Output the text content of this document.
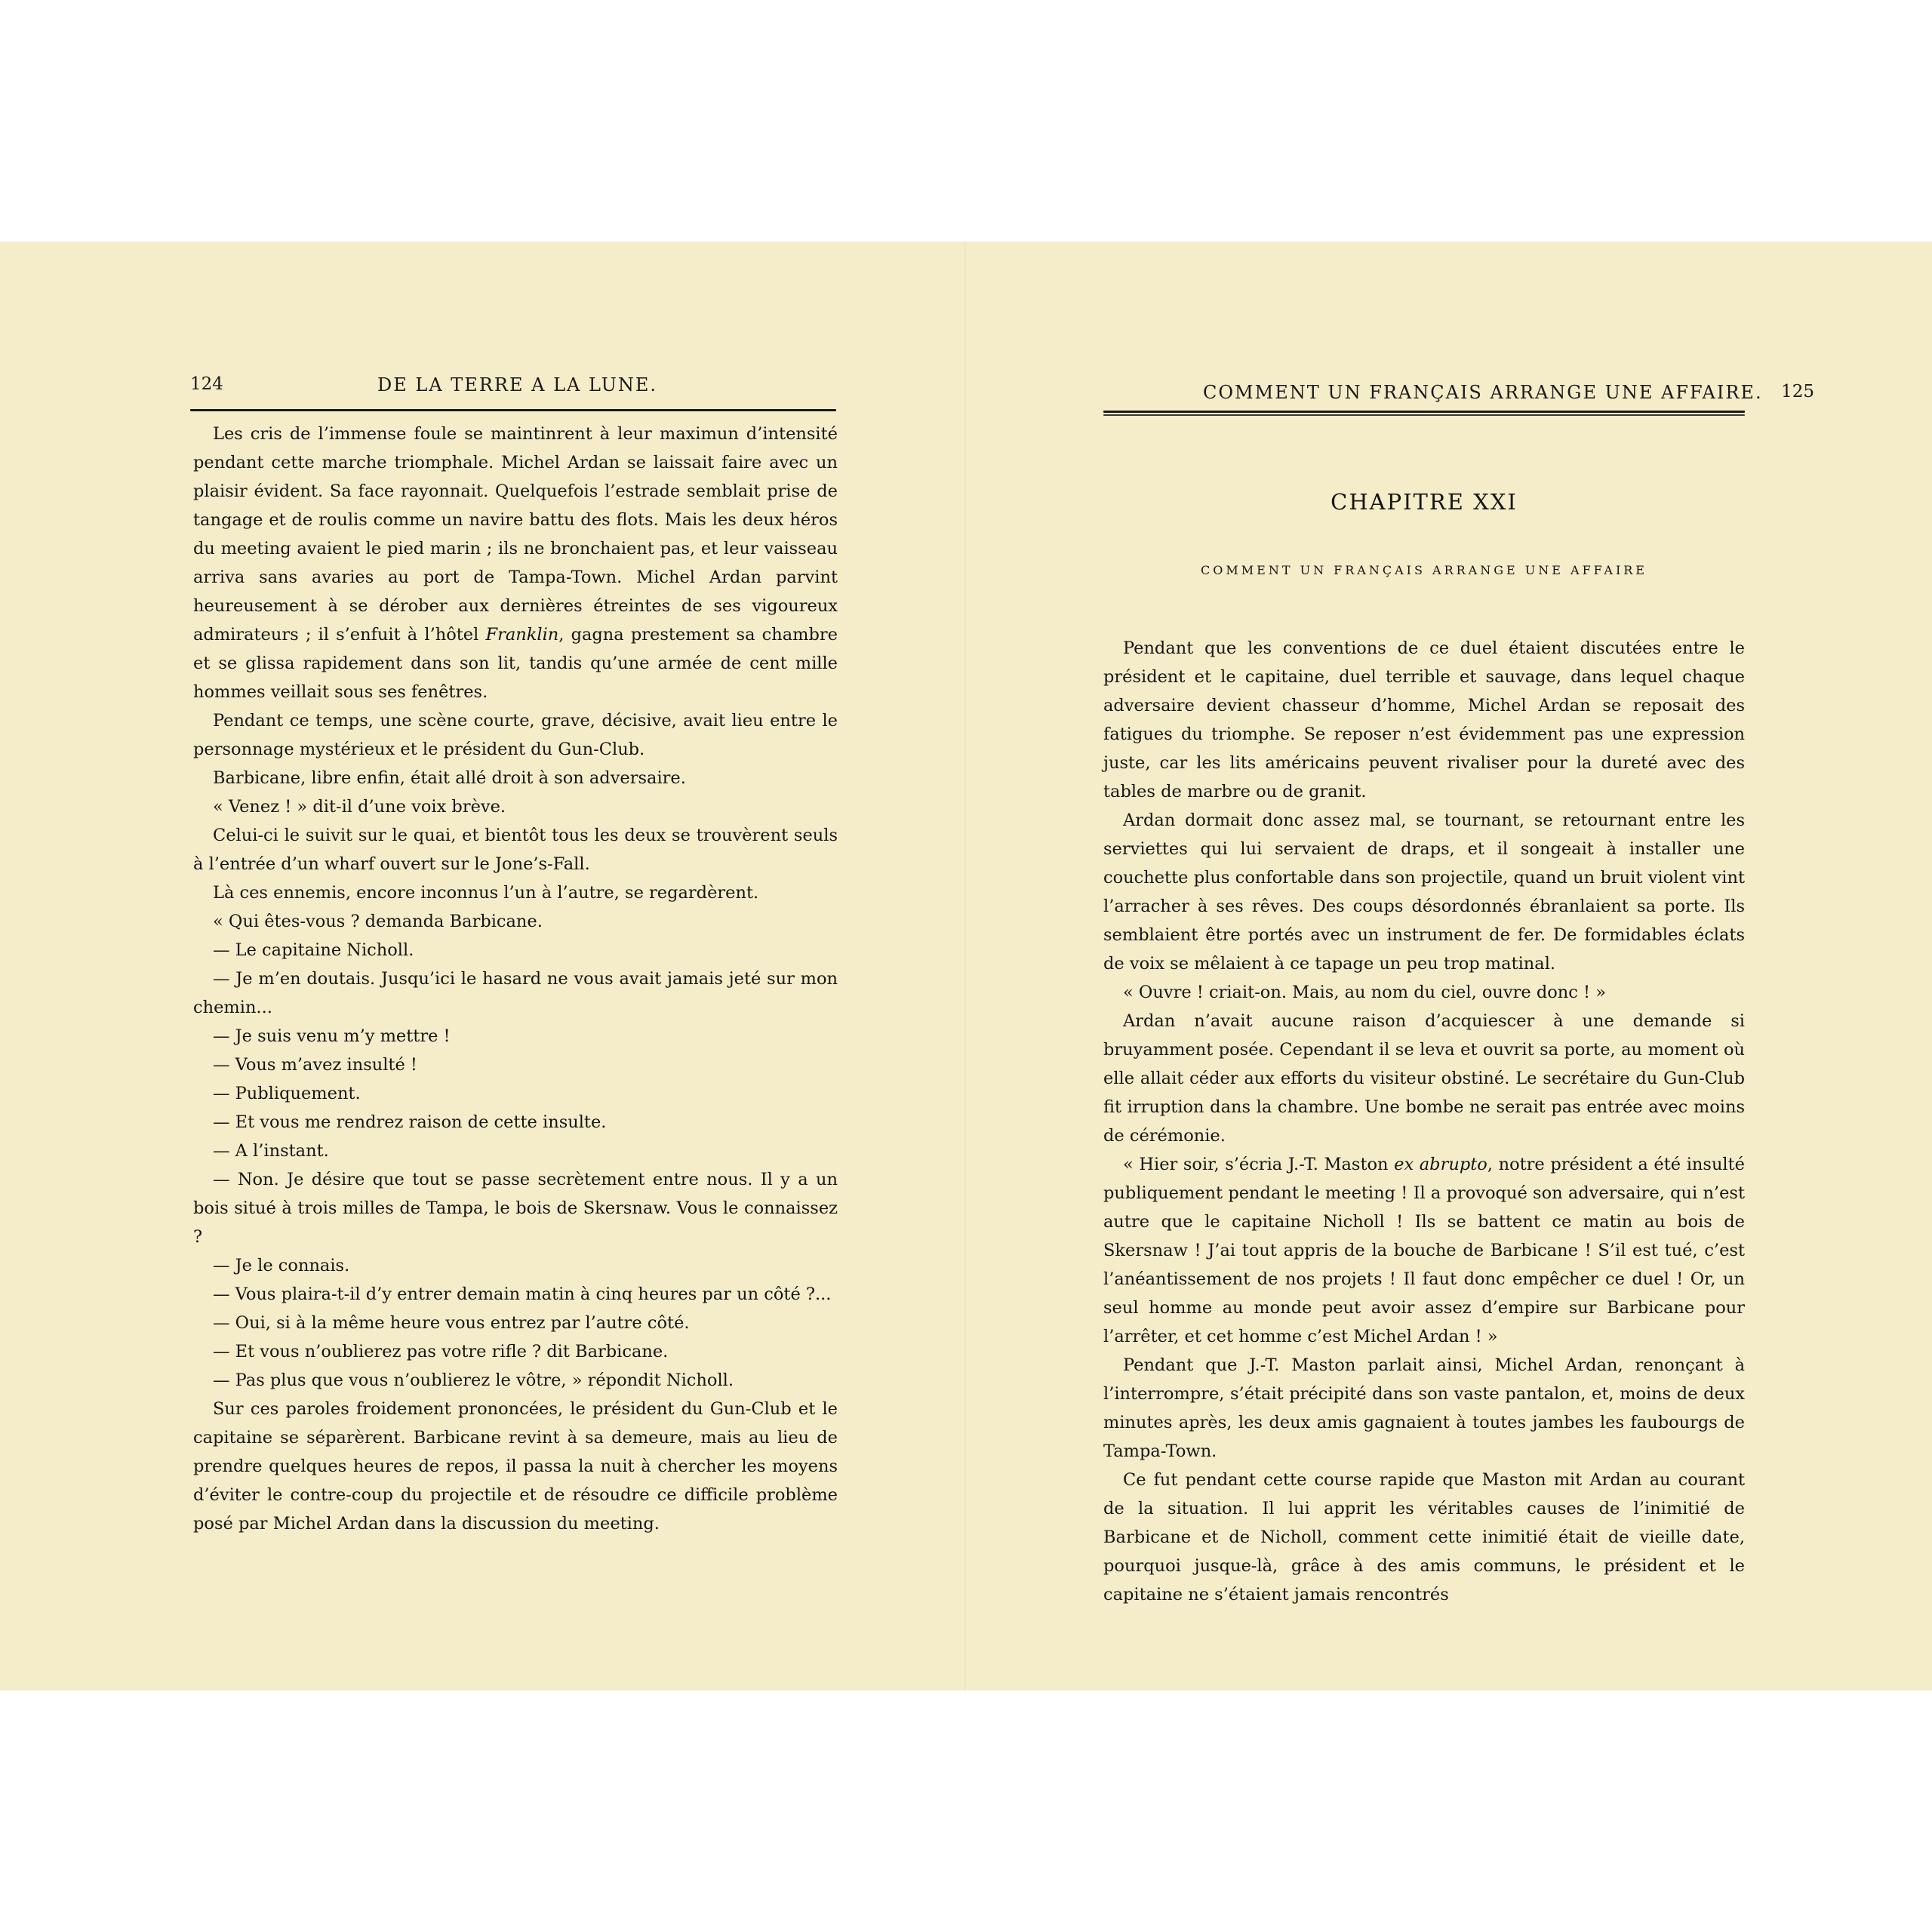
124	DE LA TERRE A LA LUNE.

Les cris de l’immense foule se maintinrent à leur maximun d’intensité pendant cette marche triomphale. Michel Ardan se laissait faire avec un plaisir évident. Sa face rayonnait. Quelquefois l’estrade semblait prise de tangage et de roulis comme un navire battu des flots. Mais les deux héros du meeting avaient le pied marin ; ils ne bronchaient pas, et leur vaisseau arriva sans avaries au port de Tampa-Town. Michel Ardan parvint heureusement à se dérober aux dernières étreintes de ses vigoureux admirateurs ; il s’enfuit à l’hôtel Franklin, gagna prestement sa chambre et se glissa rapidement dans son lit, tandis qu’une armée de cent mille hommes veillait sous ses fenêtres.

Pendant ce temps, une scène courte, grave, décisive, avait lieu entre le personnage mystérieux et le président du Gun-Club.

Barbicane, libre enfin, était allé droit à son adversaire.

« Venez ! » dit-il d’une voix brève.

Celui-ci le suivit sur le quai, et bientôt tous les deux se trouvèrent seuls à l’entrée d’un wharf ouvert sur le Jone’s-Fall.

Là ces ennemis, encore inconnus l’un à l’autre, se regardèrent.

« Qui êtes-vous ? demanda Barbicane.

— Le capitaine Nicholl.

— Je m’en doutais. Jusqu’ici le hasard ne vous avait jamais jeté sur mon chemin...

— Je suis venu m’y mettre !

— Vous m’avez insulté !

— Publiquement.

— Et vous me rendrez raison de cette insulte.

— A l’instant.

— Non. Je désire que tout se passe secrètement entre nous. Il y a un bois situé à trois milles de Tampa, le bois de Skersnaw. Vous le connaissez ?

— Je le connais.

— Vous plaira-t-il d’y entrer demain matin à cinq heures par un côté ?...

— Oui, si à la même heure vous entrez par l’autre côté.

— Et vous n’oublierez pas votre rifle ? dit Barbicane.

— Pas plus que vous n’oublierez le vôtre, » répondit Nicholl.

Sur ces paroles froidement prononcées, le président du Gun-Club et le capitaine se séparèrent. Barbicane revint à sa demeure, mais au lieu de prendre quelques heures de repos, il passa la nuit à chercher les moyens d’éviter le contre-coup du projectile et de résoudre ce difficile problème posé par Michel Ardan dans la discussion du meeting.

COMMENT UN FRANÇAIS ARRANGE UNE AFFAIRE. 125
CHAPITRE XXI
COMMENT UN FRANÇAIS ARRANGE UNE AFFAIRE

Pendant que les conventions de ce duel étaient discutées entre le président et le capitaine, duel terrible et sauvage, dans lequel chaque adversaire devient chasseur d’homme, Michel Ardan se reposait des fatigues du triomphe. Se reposer n’est évidemment pas une expression juste, car les lits américains peuvent rivaliser pour la dureté avec des tables de marbre ou de granit.

Ardan dormait donc assez mal, se tournant, se retournant entre les serviettes qui lui servaient de draps, et il songeait à installer une couchette plus confortable dans son projectile, quand un bruit violent vint l’arracher à ses rêves. Des coups désordonnés ébranlaient sa porte. Ils semblaient être portés avec un instrument de fer. De formidables éclats de voix se mêlaient à ce tapage un peu trop matinal.

« Ouvre ! criait-on. Mais, au nom du ciel, ouvre donc ! »

Ardan n’avait aucune raison d’acquiescer à une demande si bruyamment posée. Cependant il se leva et ouvrit sa porte, au moment où elle allait céder aux efforts du visiteur obstiné. Le secrétaire du Gun-Club fit irruption dans la chambre. Une bombe ne serait pas entrée avec moins de cérémonie.

« Hier soir, s’écria J.-T. Maston ex abrupto, notre président a été insulté publiquement pendant le meeting ! Il a provoqué son adversaire, qui n’est autre que le capitaine Nicholl ! Ils se battent ce matin au bois de Skersnaw ! J’ai tout appris de la bouche de Barbicane ! S’il est tué, c’est l’anéantissement de nos projets ! Il faut donc empêcher ce duel ! Or, un seul homme au monde peut avoir assez d’empire sur Barbicane pour l’arrêter, et cet homme c’est Michel Ardan ! »

Pendant que J.-T. Maston parlait ainsi, Michel Ardan, renonçant à l’interrompre, s’était précipité dans son vaste pantalon, et, moins de deux minutes après, les deux amis gagnaient à toutes jambes les faubourgs de Tampa-Town.

Ce fut pendant cette course rapide que Maston mit Ardan au courant de la situation. Il lui apprit les véritables causes de l’inimitié de Barbicane et de Nicholl, comment cette inimitié était de vieille date, pourquoi jusque-là, grâce à des amis communs, le président et le capitaine ne s’étaient jamais rencontrés
